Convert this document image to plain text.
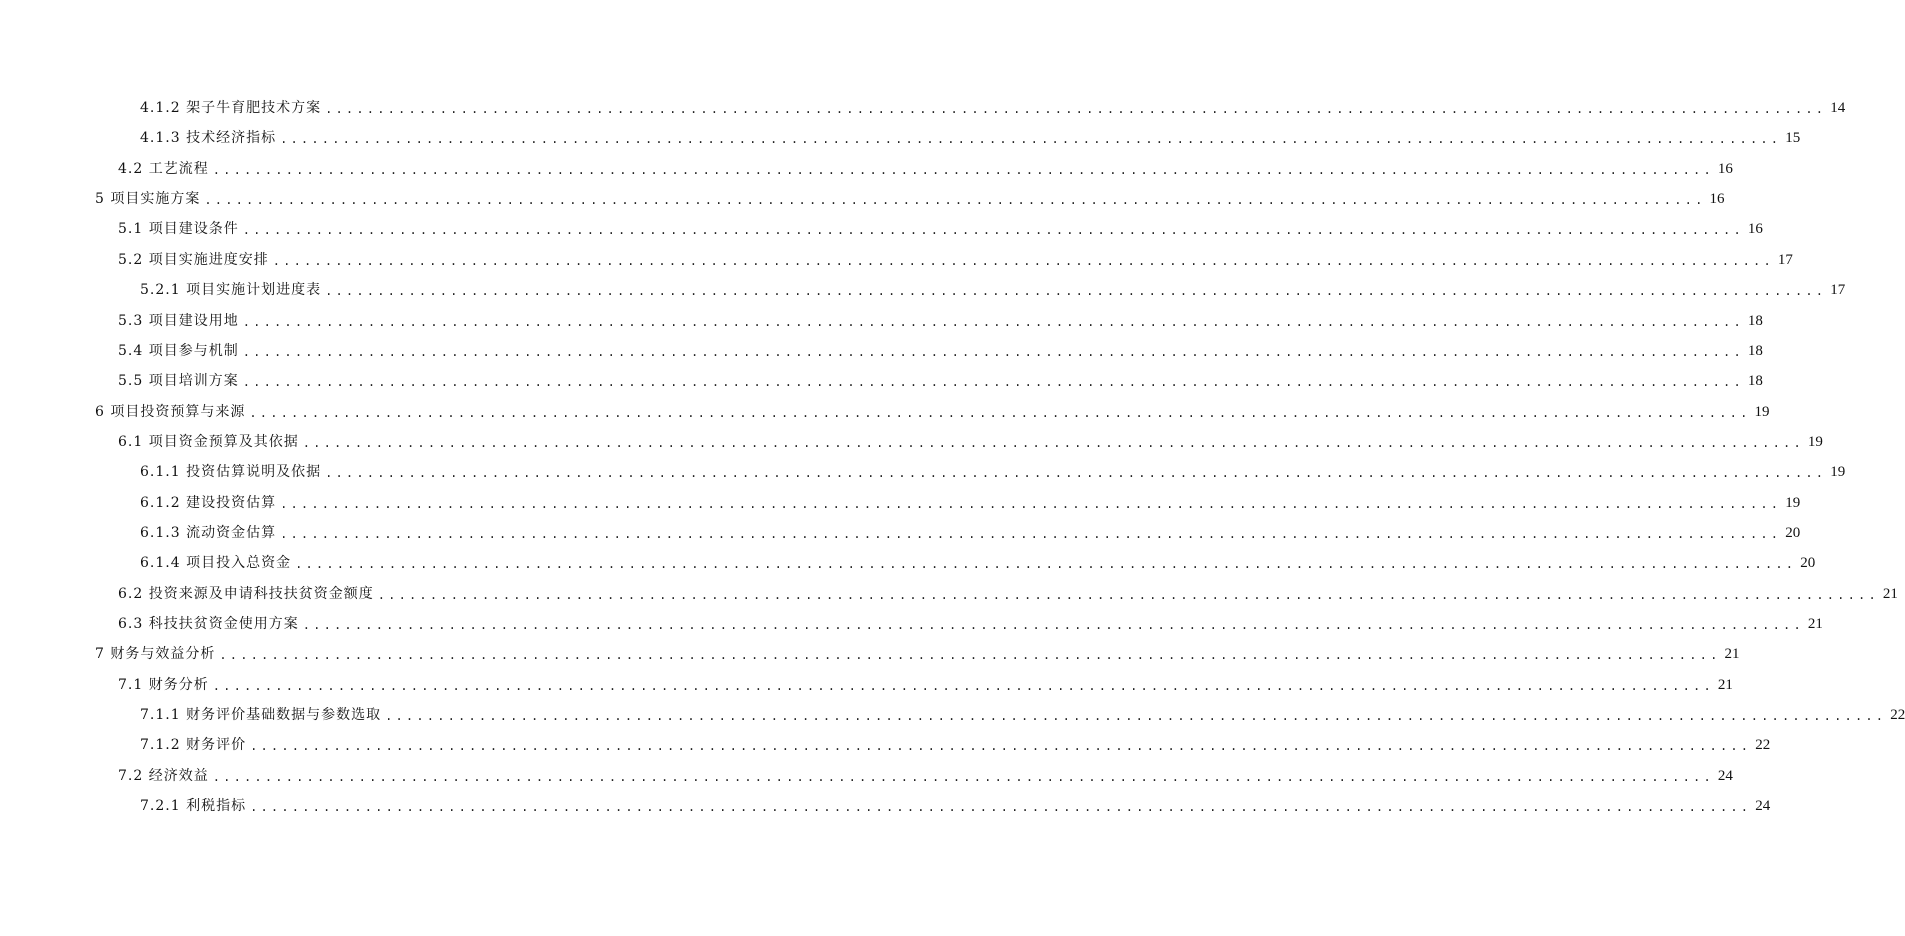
4.1.2 架子牛育肥技术方案 ................................................................................................................................................ 14
4.1.3 技术经济指标 ................................................................................................................................................ 15
4.2 工艺流程 ................................................................................................................................................ 16
5 项目实施方案 ................................................................................................................................................ 16
5.1 项目建设条件 ................................................................................................................................................ 16
5.2 项目实施进度安排 ................................................................................................................................................ 17
5.2.1 项目实施计划进度表 ................................................................................................................................................ 17
5.3 项目建设用地 ................................................................................................................................................ 18
5.4 项目参与机制 ................................................................................................................................................ 18
5.5 项目培训方案 ................................................................................................................................................ 18
6 项目投资预算与来源 ................................................................................................................................................ 19
6.1 项目资金预算及其依据 ................................................................................................................................................ 19
6.1.1 投资估算说明及依据 ................................................................................................................................................ 19
6.1.2 建设投资估算 ................................................................................................................................................ 19
6.1.3 流动资金估算 ................................................................................................................................................ 20
6.1.4 项目投入总资金 ................................................................................................................................................ 20
6.2 投资来源及申请科技扶贫资金额度 ................................................................................................................................................ 21
6.3 科技扶贫资金使用方案 ................................................................................................................................................ 21
7 财务与效益分析 ................................................................................................................................................ 21
7.1 财务分析 ................................................................................................................................................ 21
7.1.1 财务评价基础数据与参数选取 ................................................................................................................................................ 22
7.1.2 财务评价 ................................................................................................................................................ 22
7.2 经济效益 ................................................................................................................................................ 24
7.2.1 利税指标 ................................................................................................................................................ 24
